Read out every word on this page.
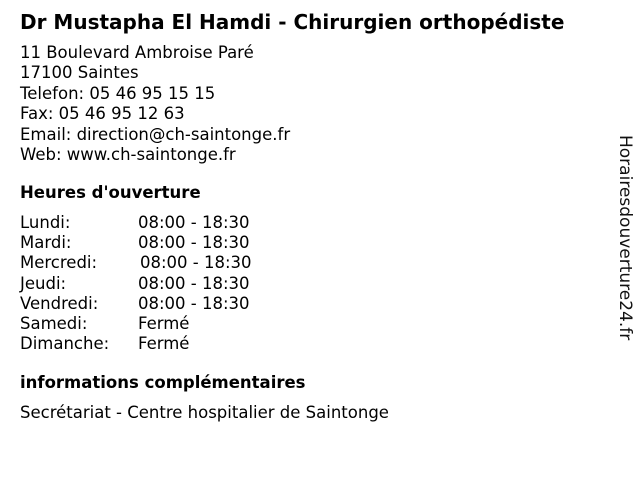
Dr Mustapha El Hamdi - Chirurgien orthopédiste
11 Boulevard Ambroise Paré
17100 Saintes
Telefon: 05 46 95 15 15
Fax: 05 46 95 12 63
Email: direction@ch-saintonge.fr
Web: www.ch-saintonge.fr
Heures d'ouverture
Lundi:	08:00 - 18:30
Mardi:	08:00 - 18:30
Mercredi:	08:00 - 18:30
Jeudi:	08:00 - 18:30
Vendredi: 08:00 - 18:30
Samedi:	Fermé
Dimanche: Fermé
informations complémentaires
Secrétariat - Centre hospitalier de Saintonge
Horairesdouverture24.fr
